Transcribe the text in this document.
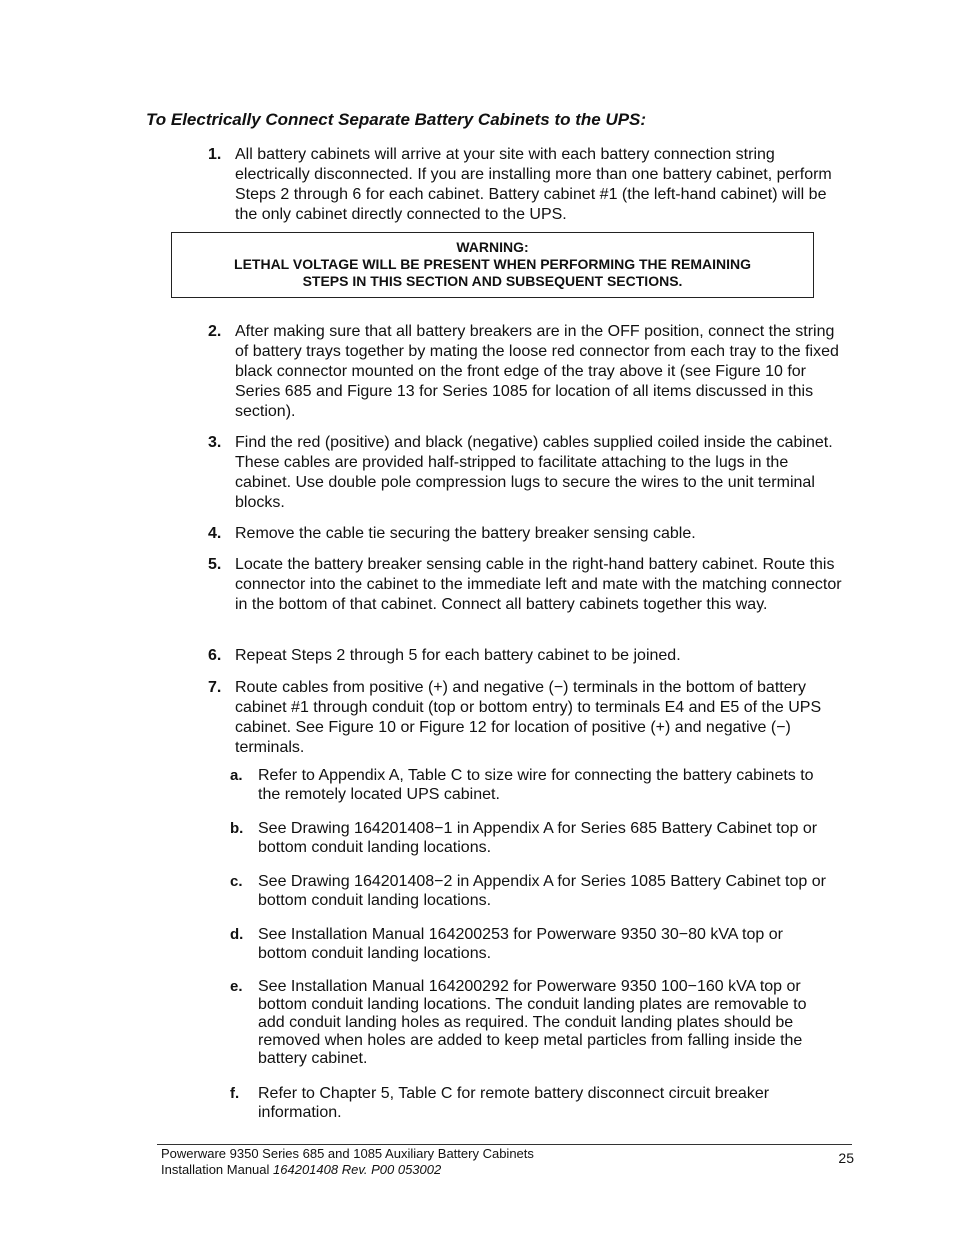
To Electrically Connect Separate Battery Cabinets to the UPS:
1. All battery cabinets will arrive at your site with each battery connection string electrically disconnected. If you are installing more than one battery cabinet, perform Steps 2 through 6 for each cabinet. Battery cabinet #1 (the left-hand cabinet) will be the only cabinet directly connected to the UPS.
WARNING:
LETHAL VOLTAGE WILL BE PRESENT WHEN PERFORMING THE REMAINING
STEPS IN THIS SECTION AND SUBSEQUENT SECTIONS.
2. After making sure that all battery breakers are in the OFF position, connect the string of battery trays together by mating the loose red connector from each tray to the fixed black connector mounted on the front edge of the tray above it (see Figure 10 for Series 685 and Figure 13 for Series 1085 for location of all items discussed in this section).
3. Find the red (positive) and black (negative) cables supplied coiled inside the cabinet. These cables are provided half-stripped to facilitate attaching to the lugs in the cabinet. Use double pole compression lugs to secure the wires to the unit terminal blocks.
4. Remove the cable tie securing the battery breaker sensing cable.
5. Locate the battery breaker sensing cable in the right-hand battery cabinet. Route this connector into the cabinet to the immediate left and mate with the matching connector in the bottom of that cabinet. Connect all battery cabinets together this way.
6. Repeat Steps 2 through 5 for each battery cabinet to be joined.
7. Route cables from positive (+) and negative (−) terminals in the bottom of battery cabinet #1 through conduit (top or bottom entry) to terminals E4 and E5 of the UPS cabinet. See Figure 10 or Figure 12 for location of positive (+) and negative (−) terminals.
a. Refer to Appendix A, Table C to size wire for connecting the battery cabinets to the remotely located UPS cabinet.
b. See Drawing 164201408−1 in Appendix A for Series 685 Battery Cabinet top or bottom conduit landing locations.
c. See Drawing 164201408−2 in Appendix A for Series 1085 Battery Cabinet top or bottom conduit landing locations.
d. See Installation Manual 164200253 for Powerware 9350 30−80 kVA top or bottom conduit landing locations.
e. See Installation Manual 164200292 for Powerware 9350 100−160 kVA top or bottom conduit landing locations. The conduit landing plates are removable to add conduit landing holes as required. The conduit landing plates should be removed when holes are added to keep metal particles from falling inside the battery cabinet.
f. Refer to Chapter 5, Table C for remote battery disconnect circuit breaker information.
Powerware 9350 Series 685 and 1085 Auxiliary Battery Cabinets
Installation Manual 164201408 Rev. P00 053002
25
